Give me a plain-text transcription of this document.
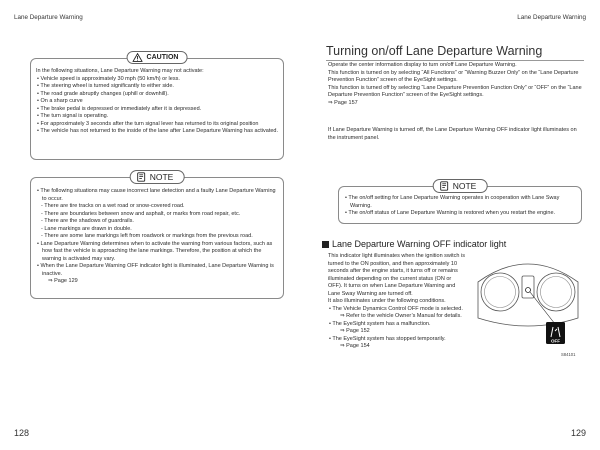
Lane Departure Warning
128
CAUTION

In the following situations, Lane Departure Warning may not activate:

• Vehicle speed is approximately 30 mph (50 km/h) or less.

• The steering wheel is turned significantly to either side.

• The road grade abruptly changes (uphill or downhill).

• On a sharp curve

• The brake pedal is depressed or immediately after it is depressed.

• The turn signal is operating.

• For approximately 3 seconds after the turn signal lever has returned to its original position

• The vehicle has not returned to the inside of the lane after Lane Departure Warning has activated.

NOTE

• The following situations may cause incorrect lane detection and a faulty Lane Departure Warning to occur.

- There are tire tracks on a wet road or snow-covered road.

- There are boundaries between snow and asphalt, or marks from road repair, etc.

- There are the shadows of guardrails.

- Lane markings are drawn in double.

- There are some lane markings left from roadwork or markings from the previous road.

• Lane Departure Warning determines when to activate the warning from various factors, such as how fast the vehicle is approaching the lane markings. Therefore, the position at which the warning is activated may vary.

• When the Lane Departure Warning OFF indicator light is illuminated, Lane Departure Warning is inactive.

⇒ Page 129

Lane Departure Warning
129
Turning on/off Lane Departure Warning

Operate the center information display to turn on/off Lane Departure Warning.

This function is turned on by selecting “All Functions” or “Warning Buzzer Only” on the “Lane Departure Prevention Function” screen of the EyeSight settings.

This function is turned off by selecting “Lane Departure Prevention Function Only” or “OFF” on the “Lane Departure Prevention Function” screen of the EyeSight settings.

⇒ Page 157

If Lane Departure Warning is turned off, the Lane Departure Warning OFF indicator light illuminates on the instrument panel.
NOTE

• The on/off setting for Lane Departure Warning operates in cooperation with Lane Sway Warning.

• The on/off status of Lane Departure Warning is restored when you restart the engine.

Lane Departure Warning OFF indicator light

This indicator light illuminates when the ignition switch is turned to the ON position, and then approximately 10 seconds after the engine starts, it turns off or remains illuminated depending on the current status (ON or OFF). It turns on when Lane Departure Warning and Lane Sway Warning are turned off.

It also illuminates under the following conditions.

• The Vehicle Dynamics Control OFF mode is selected.

⇒ Refer to the vehicle Owner’s Manual for details.

• The EyeSight system has a malfunction.

⇒ Page 152

• The EyeSight system has stopped temporarily.

⇒ Page 154

OFF
S84101
